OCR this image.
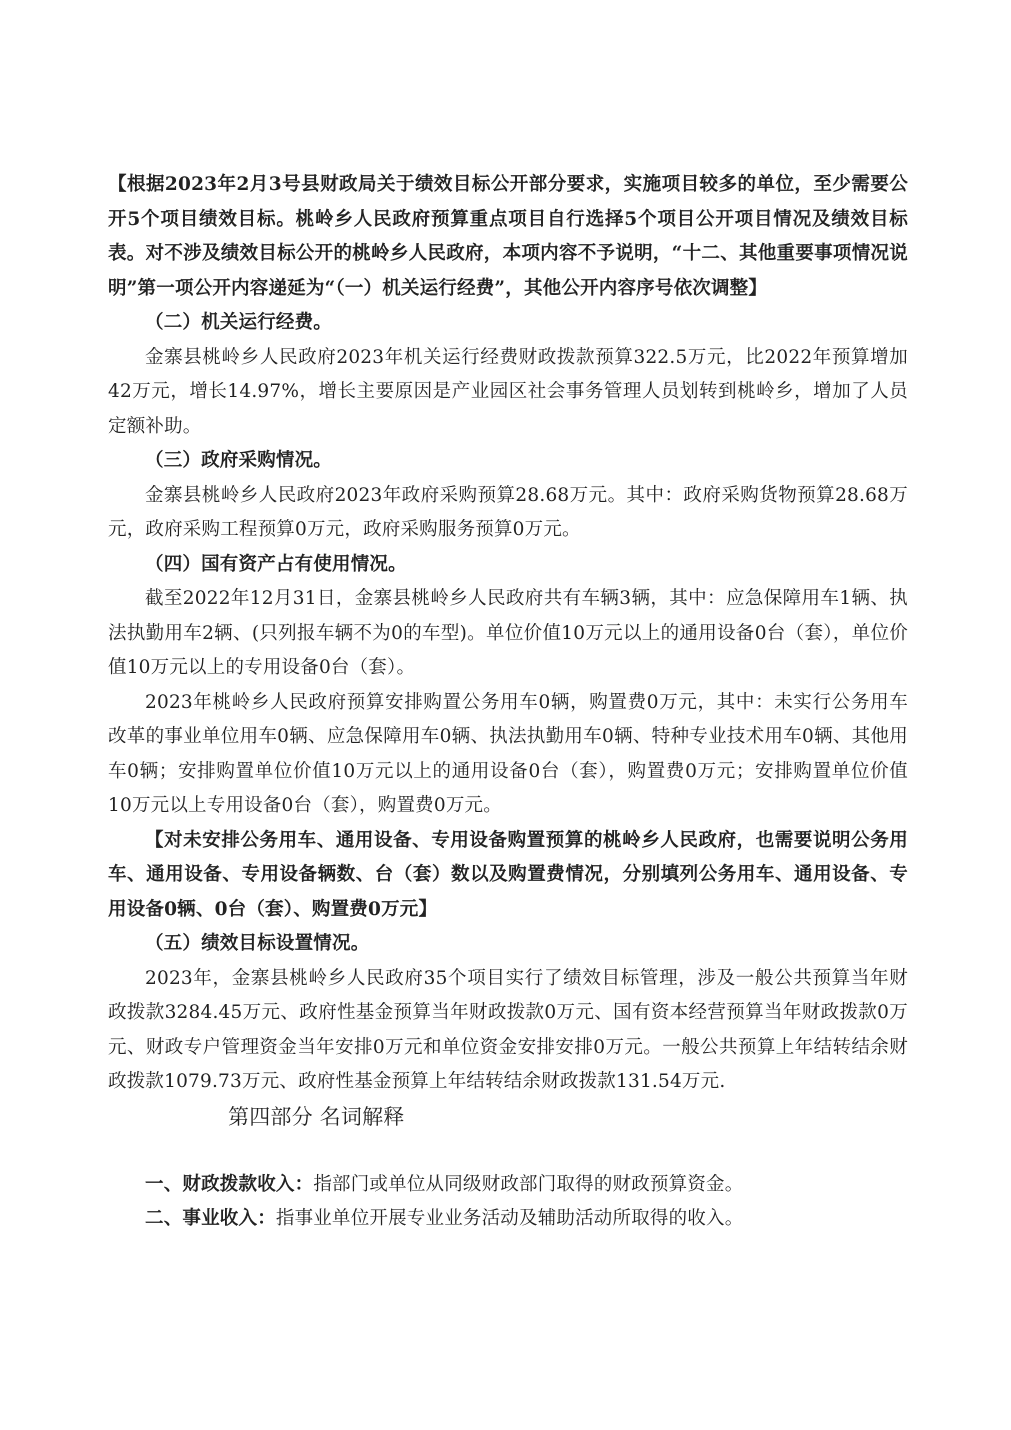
【根据2023年2月3号县财政局关于绩效目标公开部分要求，实施项目较多的单位，至少需要公开5个项目绩效目标。桃岭乡人民政府预算重点项目自行选择5个项目公开项目情况及绩效目标表。对不涉及绩效目标公开的桃岭乡人民政府，本项内容不予说明，“十二、其他重要事项情况说明”第一项公开内容递延为“（一）机关运行经费”，其他公开内容序号依次调整】

（二）机关运行经费。

金寨县桃岭乡人民政府2023年机关运行经费财政拨款预算322.5万元，比2022年预算增加42万元，增长14.97%，增长主要原因是产业园区社会事务管理人员划转到桃岭乡，增加了人员定额补助。

（三）政府采购情况。

金寨县桃岭乡人民政府2023年政府采购预算28.68万元。其中：政府采购货物预算28.68万元，政府采购工程预算0万元，政府采购服务预算0万元。

（四）国有资产占有使用情况。

截至2022年12月31日，金寨县桃岭乡人民政府共有车辆3辆，其中：应急保障用车1辆、执法执勤用车2辆、(只列报车辆不为0的车型)。单位价值10万元以上的通用设备0台（套），单位价值10万元以上的专用设备0台（套）。

2023年桃岭乡人民政府预算安排购置公务用车0辆，购置费0万元，其中：未实行公务用车改革的事业单位用车0辆、应急保障用车0辆、执法执勤用车0辆、特种专业技术用车0辆、其他用车0辆；安排购置单位价值10万元以上的通用设备0台（套），购置费0万元；安排购置单位价值10万元以上专用设备0台（套），购置费0万元。

【对未安排公务用车、通用设备、专用设备购置预算的桃岭乡人民政府，也需要说明公务用车、通用设备、专用设备辆数、台（套）数以及购置费情况，分别填列公务用车、通用设备、专用设备0辆、0台（套）、购置费0万元】

（五）绩效目标设置情况。

2023年，金寨县桃岭乡人民政府35个项目实行了绩效目标管理，涉及一般公共预算当年财政拨款3284.45万元、政府性基金预算当年财政拨款0万元、国有资本经营预算当年财政拨款0万元、财政专户管理资金当年安排0万元和单位资金安排安排0万元。一般公共预算上年结转结余财政拨款1079.73万元、政府性基金预算上年结转结余财政拨款131.54万元.

第四部分 名词解释

一、财政拨款收入：指部门或单位从同级财政部门取得的财政预算资金。

二、事业收入：指事业单位开展专业业务活动及辅助活动所取得的收入。
